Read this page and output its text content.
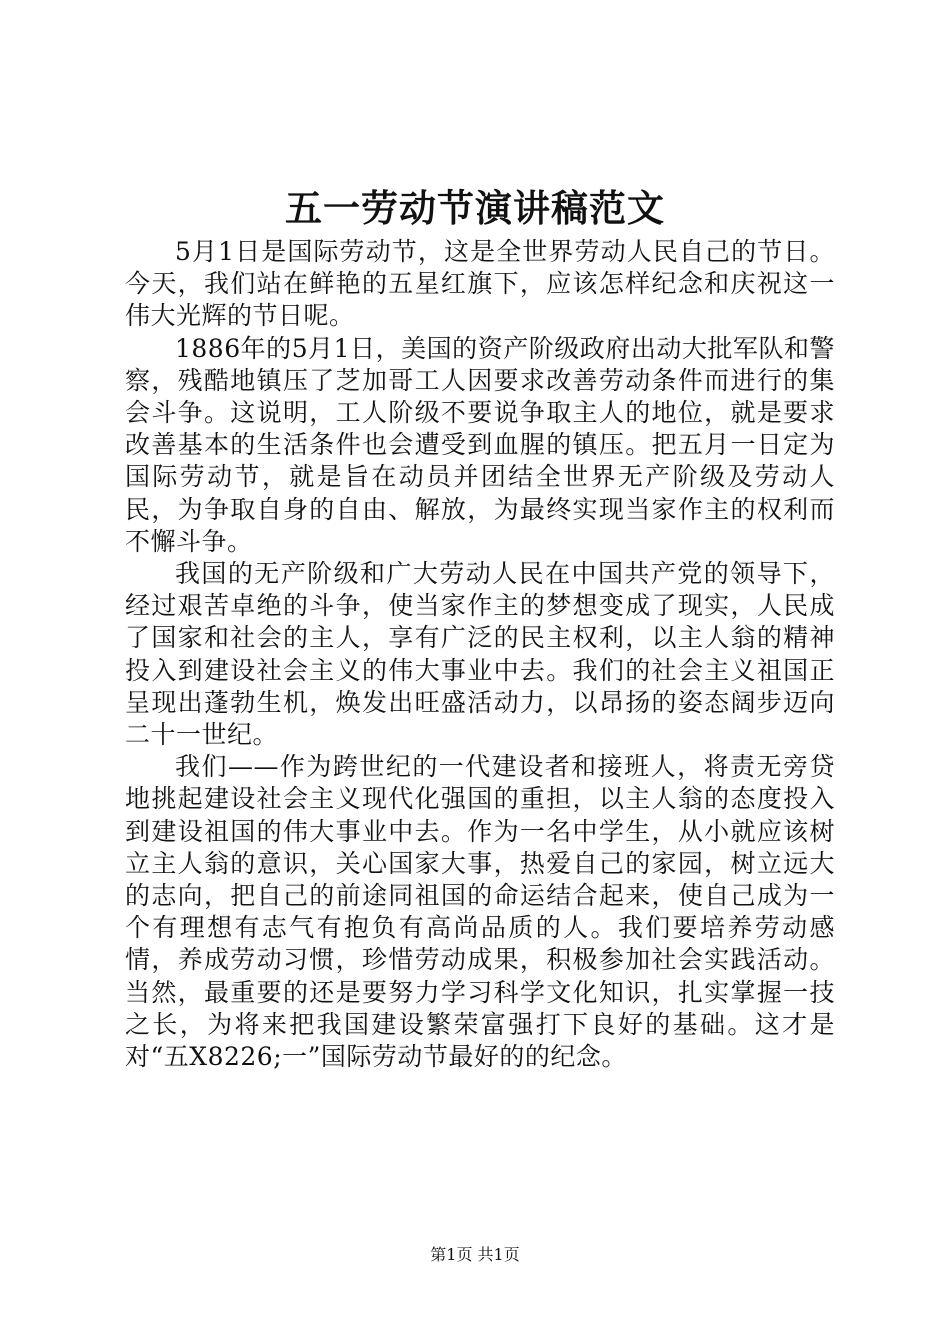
五一劳动节演讲稿范文

5月1日是国际劳动节，这是全世界劳动人民自己的节日。今天，我们站在鲜艳的五星红旗下，应该怎样纪念和庆祝这一伟大光辉的节日呢。

1886年的5月1日，美国的资产阶级政府出动大批军队和警察，残酷地镇压了芝加哥工人因要求改善劳动条件而进行的集会斗争。这说明，工人阶级不要说争取主人的地位，就是要求改善基本的生活条件也会遭受到血腥的镇压。把五月一日定为国际劳动节，就是旨在动员并团结全世界无产阶级及劳动人民，为争取自身的自由、解放，为最终实现当家作主的权利而不懈斗争。

我国的无产阶级和广大劳动人民在中国共产党的领导下，经过艰苦卓绝的斗争，使当家作主的梦想变成了现实，人民成了国家和社会的主人，享有广泛的民主权利，以主人翁的精神投入到建设社会主义的伟大事业中去。我们的社会主义祖国正呈现出蓬勃生机，焕发出旺盛活动力，以昂扬的姿态阔步迈向二十一世纪。

我们——作为跨世纪的一代建设者和接班人，将责无旁贷地挑起建设社会主义现代化强国的重担，以主人翁的态度投入到建设祖国的伟大事业中去。作为一名中学生，从小就应该树立主人翁的意识，关心国家大事，热爱自己的家园，树立远大的志向，把自己的前途同祖国的命运结合起来，使自己成为一个有理想有志气有抱负有高尚品质的人。我们要培养劳动感情，养成劳动习惯，珍惜劳动成果，积极参加社会实践活动。当然，最重要的还是要努力学习科学文化知识，扎实掌握一技之长，为将来把我国建设繁荣富强打下良好的基础。这才是对“五X8226;一”国际劳动节最好的的纪念。

第1页 共1页
